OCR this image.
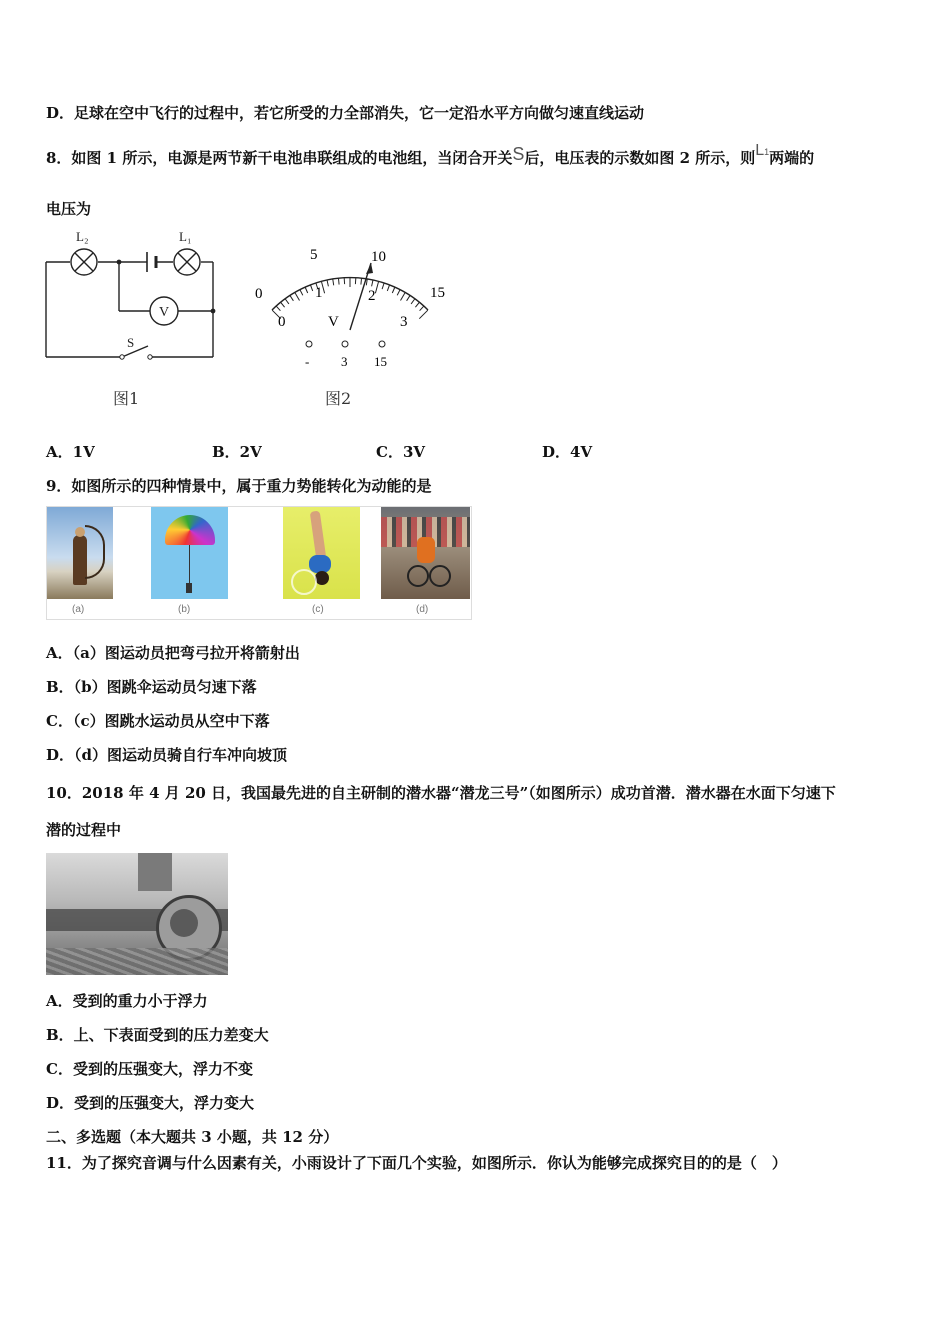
D．足球在空中飞行的过程中，若它所受的力全部消失，它一定沿水平方向做匀速直线运动
8．如图 1 所示，电源是两节新干电池串联组成的电池组，当闭合开关S后，电压表的示数如图 2 所示，则L1两端的
电压为
V
L₂	L₁
S
图1
0
5	10
15
0
1	2
3
V
- 3 15
图2
A．1V	B．2V	C．3V	D．4V
9．如图所示的四种情景中，属于重力势能转化为动能的是
(a)	(b)	(c)	(d)
A．（a）图运动员把弯弓拉开将箭射出
B．（b）图跳伞运动员匀速下落
C．（c）图跳水运动员从空中下落
D．（d）图运动员骑自行车冲向坡顶
10．2018 年 4 月 20 日，我国最先进的自主研制的潜水器“潜龙三号”（如图所示）成功首潜．潜水器在水面下匀速下
潜的过程中
A．受到的重力小于浮力
B．上、下表面受到的压力差变大
C．受到的压强变大，浮力不变
D．受到的压强变大，浮力变大
二、多选题（本大题共 3 小题，共 12 分）
11．为了探究音调与什么因素有关，小雨设计了下面几个实验，如图所示．你认为能够完成探究目的的是（　）
